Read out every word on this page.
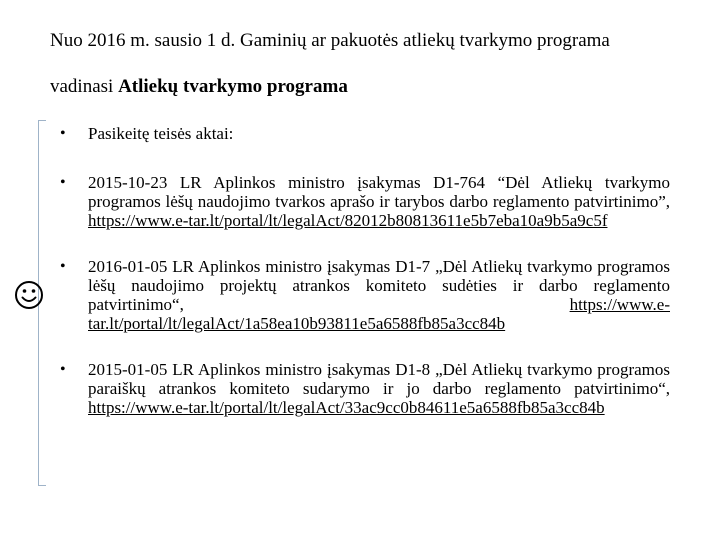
Nuo 2016 m. sausio 1 d. Gaminių ar pakuotės atliekų tvarkymo programa
vadinasi Atliekų tvarkymo programa
• Pasikeitę teisės aktai:
• 2015-10-23 LR Aplinkos ministro įsakymas D1-764 “Dėl Atliekų tvarkymo programos lėšų naudojimo tvarkos aprašo ir tarybos darbo reglamento patvirtinimo”, https://www.e-tar.lt/portal/lt/legalAct/82012b80813611e5b7eba10a9b5a9c5f
• 2016-01-05 LR Aplinkos ministro įsakymas D1-7 „Dėl Atliekų tvarkymo programos lėšų naudojimo projektų atrankos komiteto sudėties ir darbo reglamento patvirtinimo“, https://www.e-tar.lt/portal/lt/legalAct/1a58ea10b93811e5a6588fb85a3cc84b
• 2015-01-05 LR Aplinkos ministro įsakymas D1-8 „Dėl Atliekų tvarkymo programos paraiškų atrankos komiteto sudarymo ir jo darbo reglamento patvirtinimo“, https://www.e-tar.lt/portal/lt/legalAct/33ac9cc0b84611e5a6588fb85a3cc84b
